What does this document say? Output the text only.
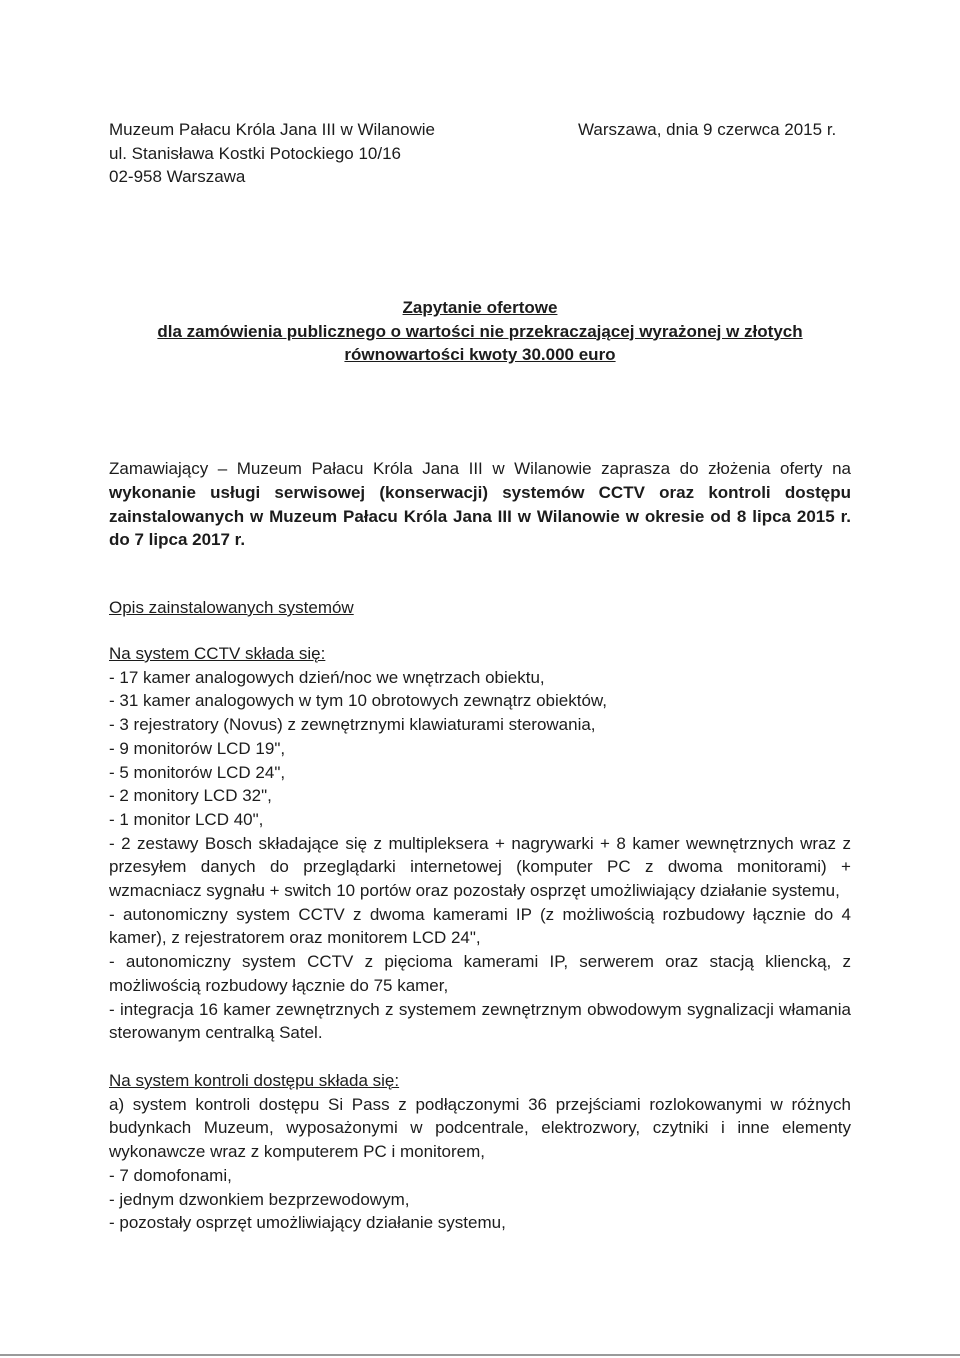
Muzeum Pałacu Króla Jana III w Wilanowie
ul. Stanisława Kostki Potockiego 10/16
02-958 Warszawa
Warszawa, dnia 9 czerwca 2015 r.
Zapytanie ofertowe
dla zamówienia publicznego o wartości nie przekraczającej wyrażonej w złotych
równowartości kwoty 30.000 euro
Zamawiający – Muzeum Pałacu Króla Jana III w Wilanowie zaprasza do złożenia oferty na wykonanie usługi serwisowej (konserwacji) systemów CCTV oraz kontroli dostępu zainstalowanych w Muzeum Pałacu Króla Jana III w Wilanowie w okresie od 8 lipca 2015 r. do 7 lipca 2017 r.
Opis zainstalowanych systemów
Na system CCTV składa się:
- 17 kamer analogowych dzień/noc we wnętrzach obiektu,
- 31 kamer analogowych w tym 10 obrotowych zewnątrz obiektów,
- 3 rejestratory (Novus) z zewnętrznymi klawiaturami sterowania,
- 9 monitorów LCD 19",
- 5 monitorów LCD 24",
- 2 monitory LCD 32",
- 1 monitor LCD 40",
- 2 zestawy Bosch składające się z multipleksera + nagrywarki + 8 kamer wewnętrznych wraz z przesyłem danych do przeglądarki internetowej (komputer PC z dwoma monitorami) + wzmacniacz sygnału + switch 10 portów oraz pozostały osprzęt umożliwiający działanie systemu,
- autonomiczny system CCTV z dwoma kamerami IP (z możliwością rozbudowy łącznie do 4 kamer), z rejestratorem oraz monitorem LCD 24",
- autonomiczny system CCTV z pięcioma kamerami IP, serwerem oraz stacją kliencką, z możliwością rozbudowy łącznie do 75 kamer,
- integracja 16 kamer zewnętrznych z systemem zewnętrznym obwodowym sygnalizacji włamania sterowanym centralką Satel.
Na system kontroli dostępu składa się:
a) system kontroli dostępu Si Pass z podłączonymi 36 przejściami rozlokowanymi w różnych budynkach Muzeum, wyposażonymi w podcentrale, elektrozwory, czytniki i inne elementy wykonawcze wraz z komputerem PC i monitorem,
- 7 domofonami,
- jednym dzwonkiem bezprzewodowym,
- pozostały osprzęt umożliwiający działanie systemu,
